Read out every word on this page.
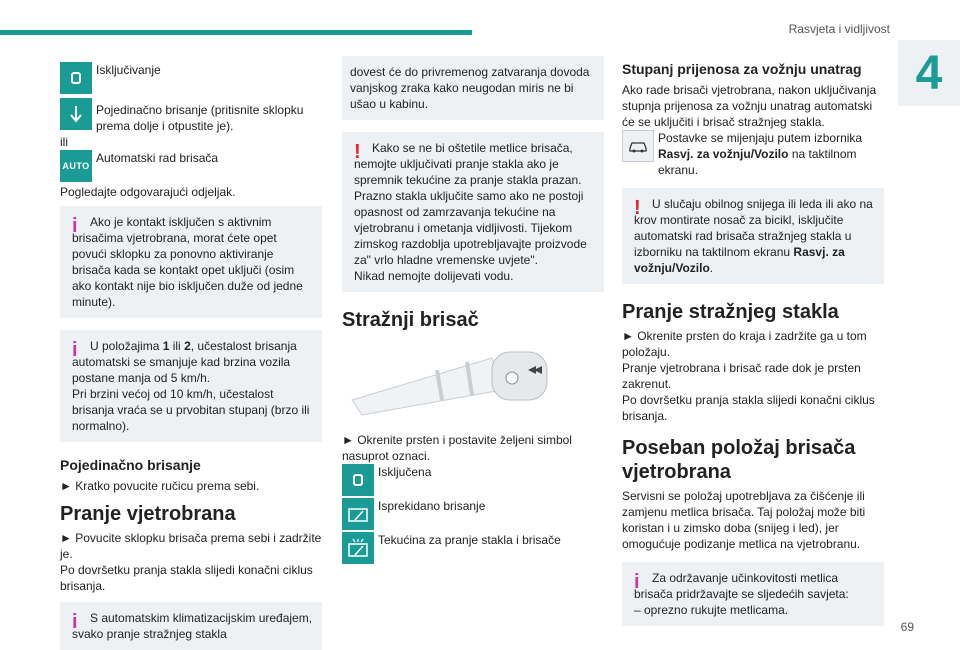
Rasvjeta i vidljivost
4
Isključivanje
Pojedinačno brisanje (pritisnite sklopku prema dolje i otpustite je).

ili

AUTO
Automatski rad brisača

Pogledajte odgovarajući odjeljak.

i	Ako je kontakt isključen s aktivnim brisačima vjetrobrana, morat ćete opet povući sklopku za ponovno aktiviranje brisača kada se kontakt opet uključi (osim ako kontakt nije bio isključen duže od jedne minute).

i	U položajima 1 ili 2, učestalost brisanja automatski se smanjuje kad brzina vozila postane manja od 5 km/h.

Pri brzini većoj od 10 km/h, učestalost brisanja vraća se u prvobitan stupanj (brzo ili normalno).

Pojedinačno brisanje

► Kratko povucite ručicu prema sebi.

Pranje vjetrobrana

► Povucite sklopku brisača prema sebi i zadržite je.

Po dovršetku pranja stakla slijedi konačni ciklus brisanja.

i	S automatskim klimatizacijskim uređajem, svako pranje stražnjeg stakla

dovest će do privremenog zatvaranja dovoda vanjskog zraka kako neugodan miris ne bi ušao u kabinu.

! Kako se ne bi oštetile metlice brisača, nemojte uključivati pranje stakla ako je spremnik tekućine za pranje stakla prazan. Prazno stakla uključite samo ako ne postoji opasnost od zamrzavanja tekućine na vjetrobranu i ometanja vidljivosti. Tijekom zimskog razdoblja upotrebljavajte proizvode za" vrlo hladne vremenske uvjete".

Nikad nemojte dolijevati vodu.

Stražnji brisač

► Okrenite prsten i postavite željeni simbol nasuprot oznaci.

Isključena
Isprekidano brisanje
Tekućina za pranje stakla i brisače
Stupanj prijenosa za vožnju unatrag

Ako rade brisači vjetrobrana, nakon uključivanja stupnja prijenosa za vožnju unatrag automatski će se uključiti i brisač stražnjeg stakla.

Postavke se mijenjaju putem izbornika Rasvj. za vožnju/Vozilo na taktilnom ekranu.
! U slučaju obilnog snijega ili leda ili ako na krov montirate nosač za bicikl, isključite automatski rad brisača stražnjeg stakla u izborniku na taktilnom ekranu Rasvj. za vožnju/Vozilo.

Pranje stražnjeg stakla

► Okrenite prsten do kraja i zadržite ga u tom položaju.

Pranje vjetrobrana i brisač rade dok je prsten zakrenut.

Po dovršetku pranja stakla slijedi konačni ciklus brisanja.

Poseban položaj brisača vjetrobrana

Servisni se položaj upotrebljava za čišćenje ili zamjenu metlica brisača. Taj položaj može biti koristan i u zimsko doba (snijeg i led), jer omogućuje podizanje metlica na vjetrobranu.

i	Za održavanje učinkovitosti metlica brisača pridržavajte se sljedećih savjeta:

– oprezno rukujte metlicama.

69
